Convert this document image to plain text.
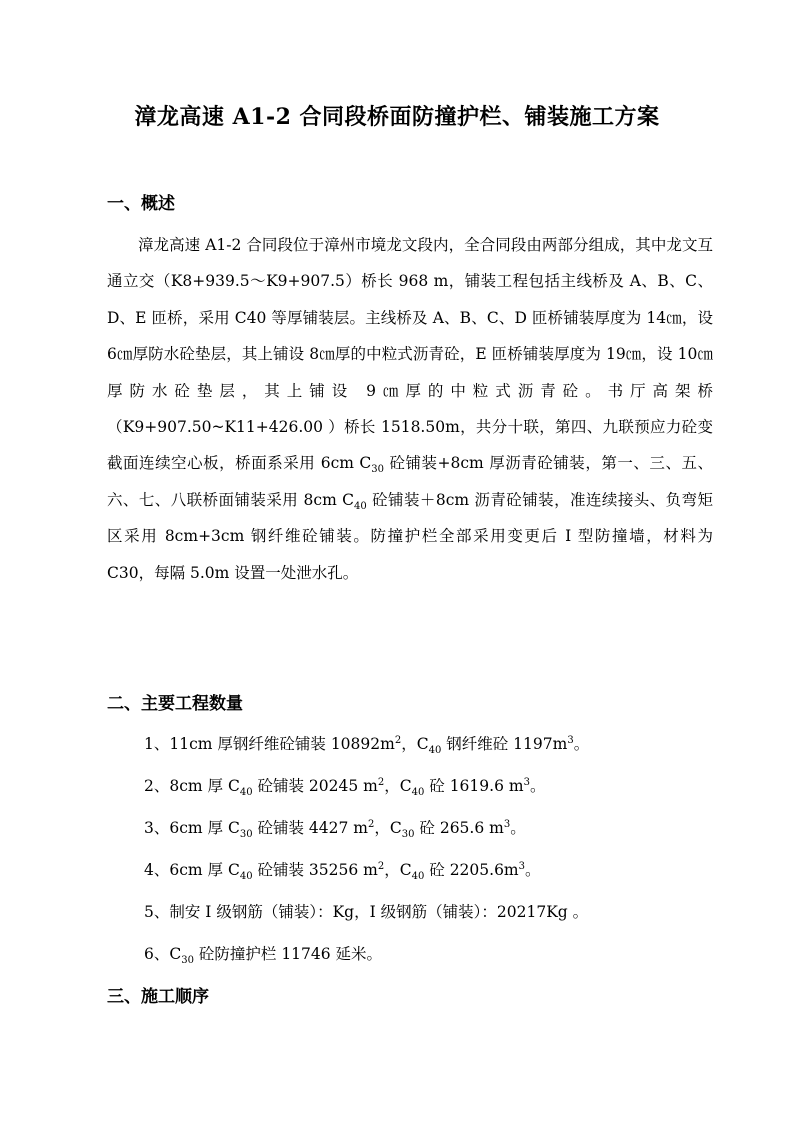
漳龙高速 A1-2 合同段桥面防撞护栏、铺装施工方案
一、概述
漳龙高速 A1-2 合同段位于漳州市境龙文段内，全合同段由两部分组成，其中龙文互通立交（K8+939.5～K9+907.5）桥长 968 m，铺装工程包括主线桥及 A、B、C、D、E 匝桥，采用 C40 等厚铺装层。主线桥及 A、B、C、D 匝桥铺装厚度为 14㎝，设 6㎝厚防水砼垫层，其上铺设 8㎝厚的中粒式沥青砼，E 匝桥铺装厚度为 19㎝，设 10㎝厚防水砼垫层，其上铺设 9㎝厚的中粒式沥青砼。书厅高架桥（K9+907.50~K11+426.00 ）桥长 1518.50m，共分十联，第四、九联预应力砼变截面连续空心板，桥面系采用 6cm $C_{30}$ 砼铺装+8cm 厚沥青砼铺装，第一、三、五、六、七、八联桥面铺装采用 8cm $C_{40}$ 砼铺装＋8cm 沥青砼铺装，准连续接头、负弯矩区采用 8cm+3cm 钢纤维砼铺装。防撞护栏全部采用变更后 I 型防撞墙，材料为 C30，每隔 5.0m 设置一处泄水孔。
二、主要工程数量
1、11cm 厚钢纤维砼铺装 $10892m^2$，$C_{40}$ 钢纤维砼 $1197m^3$。
2、8cm 厚 $C_{40}$ 砼铺装 20245 $m^2$，$C_{40}$ 砼 1619.6 $m^3$。
3、6cm 厚 $C_{30}$ 砼铺装 4427 $m^2$，$C_{30}$ 砼 265.6 $m^3$。
4、6cm 厚 $C_{40}$ 砼铺装 35256 $m^2$，$C_{40}$ 砼 $2205.6m^3$。
5、制安 I 级钢筋（铺装）：Kg，I 级钢筋（铺装）：20217Kg 。
6、$C_{30}$ 砼防撞护栏 11746 延米。
三、施工顺序
